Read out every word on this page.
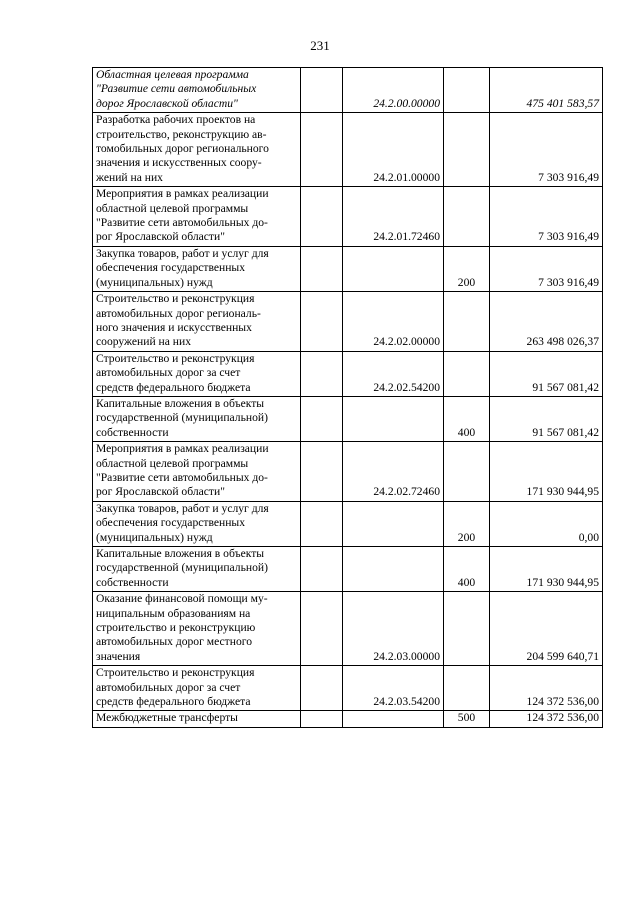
231
Областная целевая программа
"Развитие сети автомобильных
дорог Ярославской области"		24.2.00.00000		475 401 583,57

Разработка рабочих проектов на
строительство, реконструкцию ав-
томобильных дорог регионального
значения и искусственных соору-
жений на них		24.2.01.00000		7 303 916,49

Мероприятия в рамках реализации
областной целевой программы
"Развитие сети автомобильных до-
рог Ярославской области"		24.2.01.72460		7 303 916,49

Закупка товаров, работ и услуг для
обеспечения государственных
(муниципальных) нужд			200	7 303 916,49

Строительство и реконструкция
автомобильных дорог региональ-
ного значения и искусственных
сооружений на них		24.2.02.00000		263 498 026,37

Строительство и реконструкция
автомобильных дорог за счет
средств федерального бюджета		24.2.02.54200		91 567 081,42

Капитальные вложения в объекты
государственной (муниципальной)
собственности			400	91 567 081,42

Мероприятия в рамках реализации
областной целевой программы
"Развитие сети автомобильных до-
рог Ярославской области"		24.2.02.72460		171 930 944,95

Закупка товаров, работ и услуг для
обеспечения государственных
(муниципальных) нужд			200	0,00

Капитальные вложения в объекты
государственной (муниципальной)
собственности			400	171 930 944,95

Оказание финансовой помощи му-
ниципальным образованиям на
строительство и реконструкцию
автомобильных дорог местного
значения		24.2.03.00000		204 599 640,71

Строительство и реконструкция
автомобильных дорог за счет
средств федерального бюджета		24.2.03.54200		124 372 536,00

Межбюджетные трансферты			500	124 372 536,00
